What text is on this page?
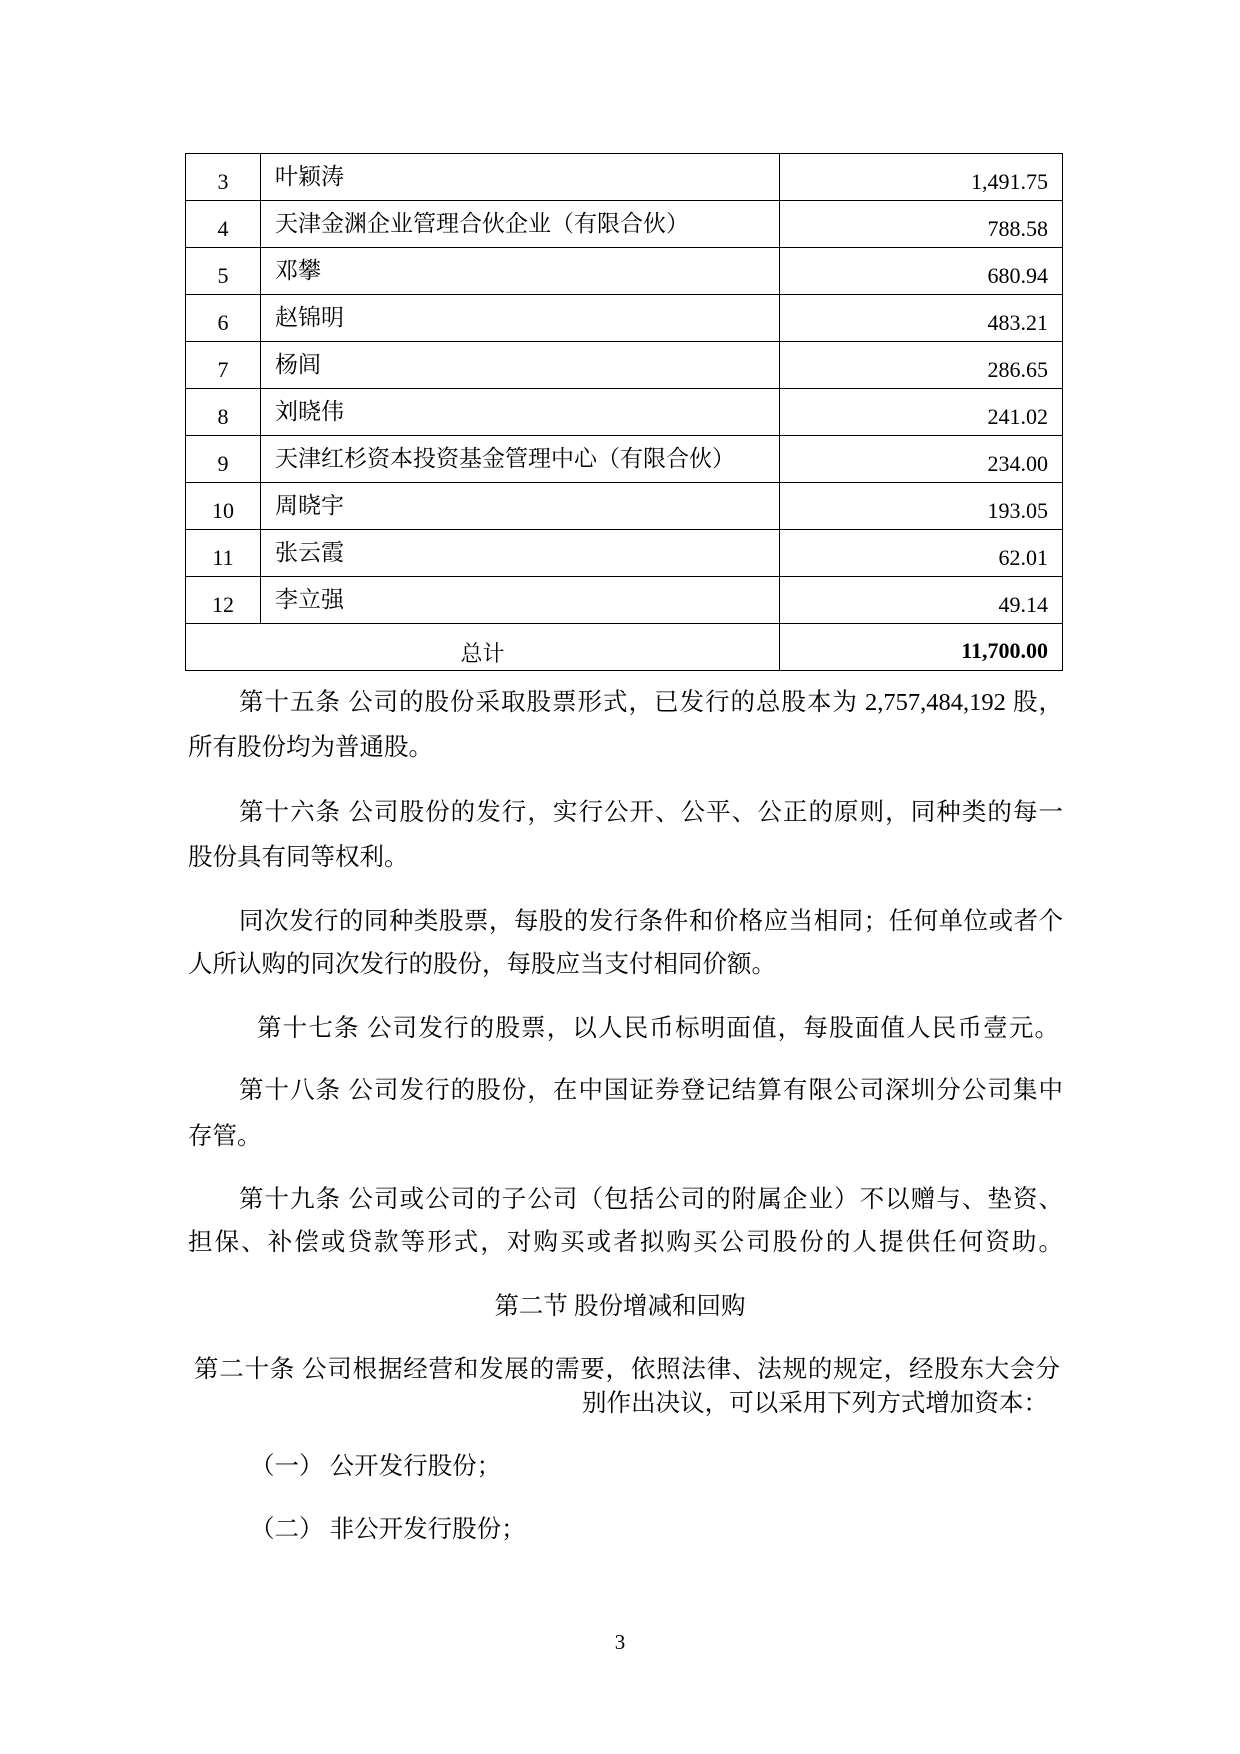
3	叶颖涛	1,491.75
4	天津金渊企业管理合伙企业（有限合伙）	788.58
5	邓攀	680.94
6	赵锦明	483.21
7	杨闾	286.65
8	刘晓伟	241.02
9	天津红杉资本投资基金管理中心（有限合伙）	234.00
10	周晓宇	193.05
11	张云霞	62.01
12	李立强	49.14
总计		11,700.00
第十五条 公司的股份采取股票形式，已发行的总股本为 2,757,484,192 股，
所有股份均为普通股。
第十六条 公司股份的发行，实行公开、公平、公正的原则，同种类的每一
股份具有同等权利。
同次发行的同种类股票，每股的发行条件和价格应当相同；任何单位或者个
人所认购的同次发行的股份，每股应当支付相同价额。
第十七条 公司发行的股票，以人民币标明面值，每股面值人民币壹元。
第十八条 公司发行的股份，在中国证券登记结算有限公司深圳分公司集中
存管。
第十九条 公司或公司的子公司（包括公司的附属企业）不以赠与、垫资、
担保、补偿或贷款等形式，对购买或者拟购买公司股份的人提供任何资助。
第二节 股份增减和回购
第二十条 公司根据经营和发展的需要，依照法律、法规的规定，经股东大会分
别作出决议，可以采用下列方式增加资本：
（一） 公开发行股份；
（二） 非公开发行股份；
3
